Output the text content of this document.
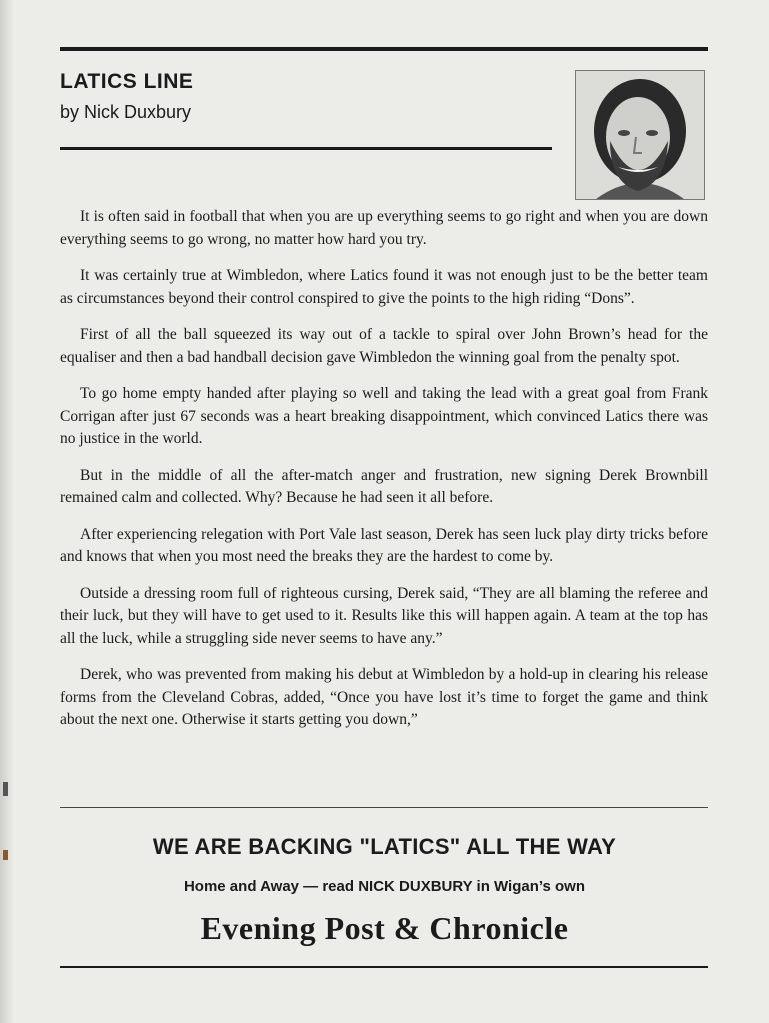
LATICS LINE
by Nick Duxbury

It is often said in football that when you are up everything seems to go right and when you are down everything seems to go wrong, no matter how hard you try.

It was certainly true at Wimbledon, where Latics found it was not enough just to be the better team as circumstances beyond their control conspired to give the points to the high riding “Dons”.

First of all the ball squeezed its way out of a tackle to spiral over John Brown’s head for the equaliser and then a bad handball decision gave Wimbledon the winning goal from the penalty spot.

To go home empty handed after playing so well and taking the lead with a great goal from Frank Corrigan after just 67 seconds was a heart breaking disappointment, which convinced Latics there was no justice in the world.

But in the middle of all the after-match anger and frustration, new signing Derek Brownbill remained calm and collected. Why? Because he had seen it all before.

After experiencing relegation with Port Vale last season, Derek has seen luck play dirty tricks before and knows that when you most need the breaks they are the hardest to come by.

Outside a dressing room full of righteous cursing, Derek said, “They are all blaming the referee and their luck, but they will have to get used to it. Results like this will happen again. A team at the top has all the luck, while a struggling side never seems to have any.”

Derek, who was prevented from making his debut at Wimbledon by a hold-up in clearing his release forms from the Cleveland Cobras, added, “Once you have lost it’s time to forget the game and think about the next one. Otherwise it starts getting you down,”

WE ARE BACKING "LATICS" ALL THE WAY
Home and Away — read NICK DUXBURY in Wigan’s own
Evening Post & Chronicle
